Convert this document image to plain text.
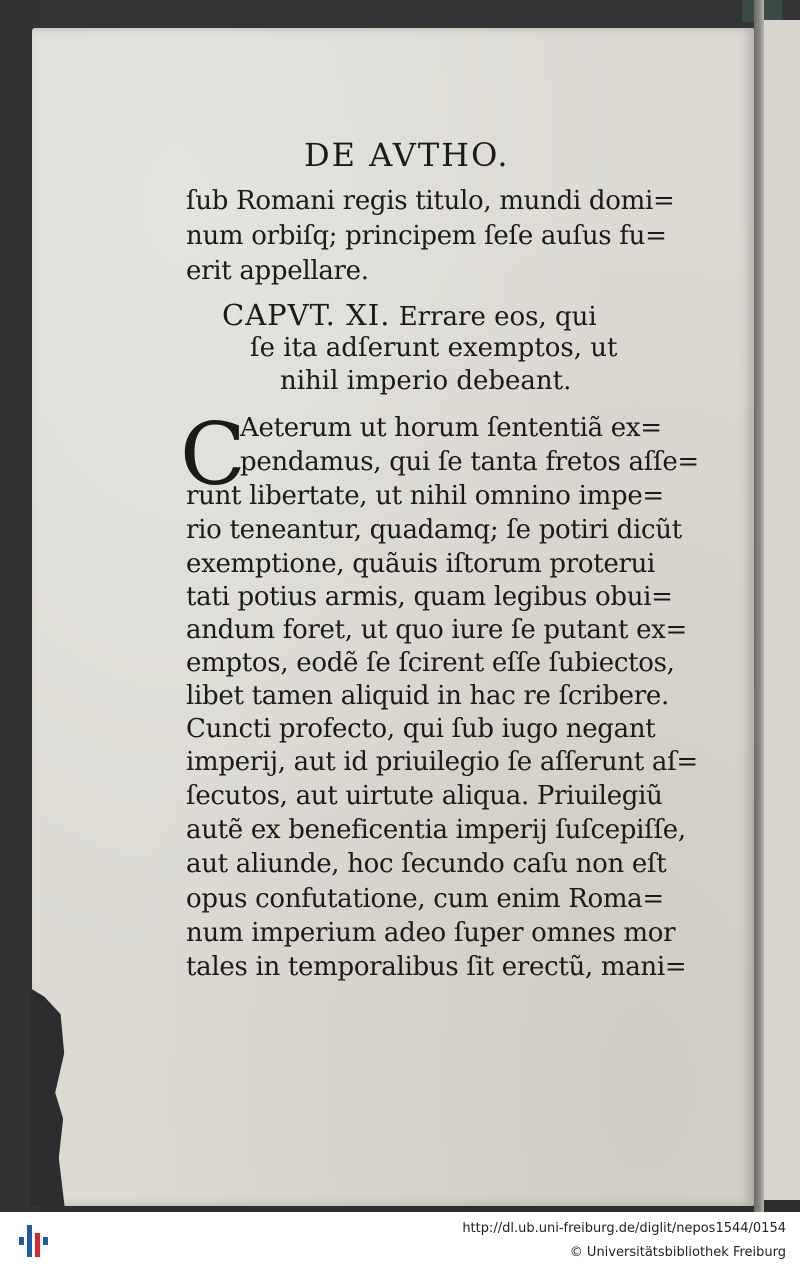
DE AVTHO.
ſub Romani regis titulo, mundi domi=
num orbiſq; principem ſeſe auſus fu=
erit appellare.
CAPVT. XI. Errare eos, qui
ſe ita adſerunt exemptos, ut
nihil imperio debeant.
C
Aeterum ut horum ſententiã ex=
pendamus, qui ſe tanta fretos aſſe=
runt libertate, ut nihil omnino impe=
rio teneantur, quadamq; ſe potiri dicũt
exemptione, quãuis iſtorum proterui
tati potius armis, quam legibus obui=
andum foret, ut quo iure ſe putant ex=
emptos, eodẽ ſe ſcirent eſſe ſubiectos,
libet tamen aliquid in hac re ſcribere.
Cuncti profecto, qui ſub iugo negant
imperij, aut id priuilegio ſe aſſerunt aſ=
ſecutos, aut uirtute aliqua. Priuilegiũ
autẽ ex beneficentia imperij ſuſcepiſſe,
aut aliunde, hoc ſecundo caſu non eſt
opus confutatione, cum enim Roma=
num imperium adeo ſuper omnes mor
tales in temporalibus ſit erectũ, mani=
http://dl.ub.uni-freiburg.de/diglit/nepos1544/0154
© Universitätsbibliothek Freiburg
